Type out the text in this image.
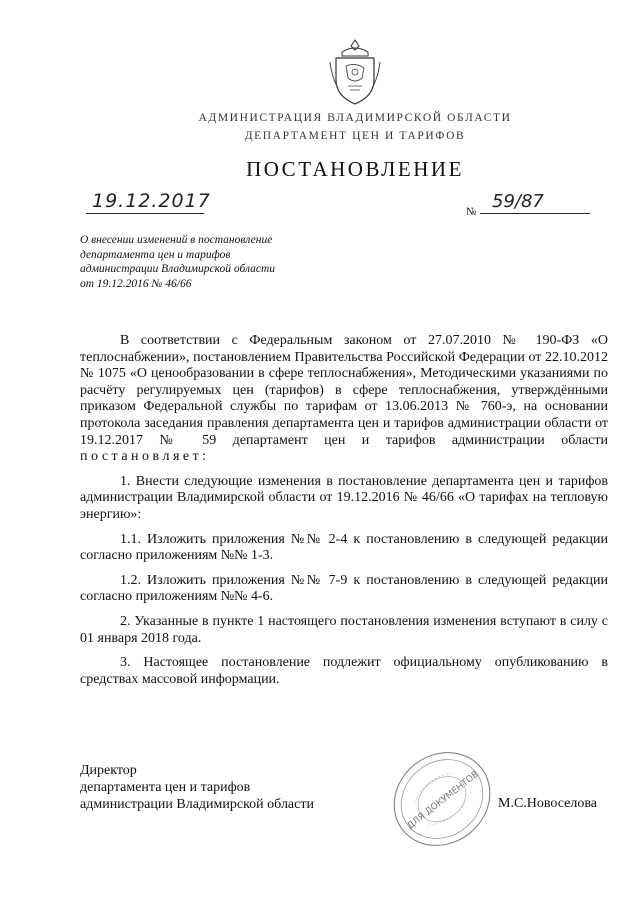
АДМИНИСТРАЦИЯ ВЛАДИМИРСКОЙ ОБЛАСТИ
ДЕПАРТАМЕНТ ЦЕН И ТАРИФОВ
ПОСТАНОВЛЕНИЕ
19.12.2017	№ 59/87
О внесении изменений в постановление
департамента цен и тарифов
администрации Владимирской области
от 19.12.2016 № 46/66

В соответствии с Федеральным законом от 27.07.2010 № 190-ФЗ «О теплоснабжении», постановлением Правительства Российской Федерации от 22.10.2012 № 1075 «О ценообразовании в сфере теплоснабжения», Методическими указаниями по расчёту регулируемых цен (тарифов) в сфере теплоснабжения, утверждёнными приказом Федеральной службы по тарифам от 13.06.2013 № 760-э, на основании протокола заседания правления департамента цен и тарифов администрации области от 19.12.2017 № 59 департамент цен и тарифов администрации области постановляет:

1. Внести следующие изменения в постановление департамента цен и тарифов администрации Владимирской области от 19.12.2016 № 46/66 «О тарифах на тепловую энергию»:

1.1. Изложить приложения №№ 2-4 к постановлению в следующей редакции согласно приложениям №№ 1-3.

1.2. Изложить приложения №№ 7-9 к постановлению в следующей редакции согласно приложениям №№ 4-6.

2. Указанные в пункте 1 настоящего постановления изменения вступают в силу с 01 января 2018 года.

3. Настоящее постановление подлежит официальному опубликованию в средствах массовой информации.

Директор
департамента цен и тарифов
администрации Владимирской области	ДЛЯ ДОКУМЕНТОВ М.С.Новоселова
